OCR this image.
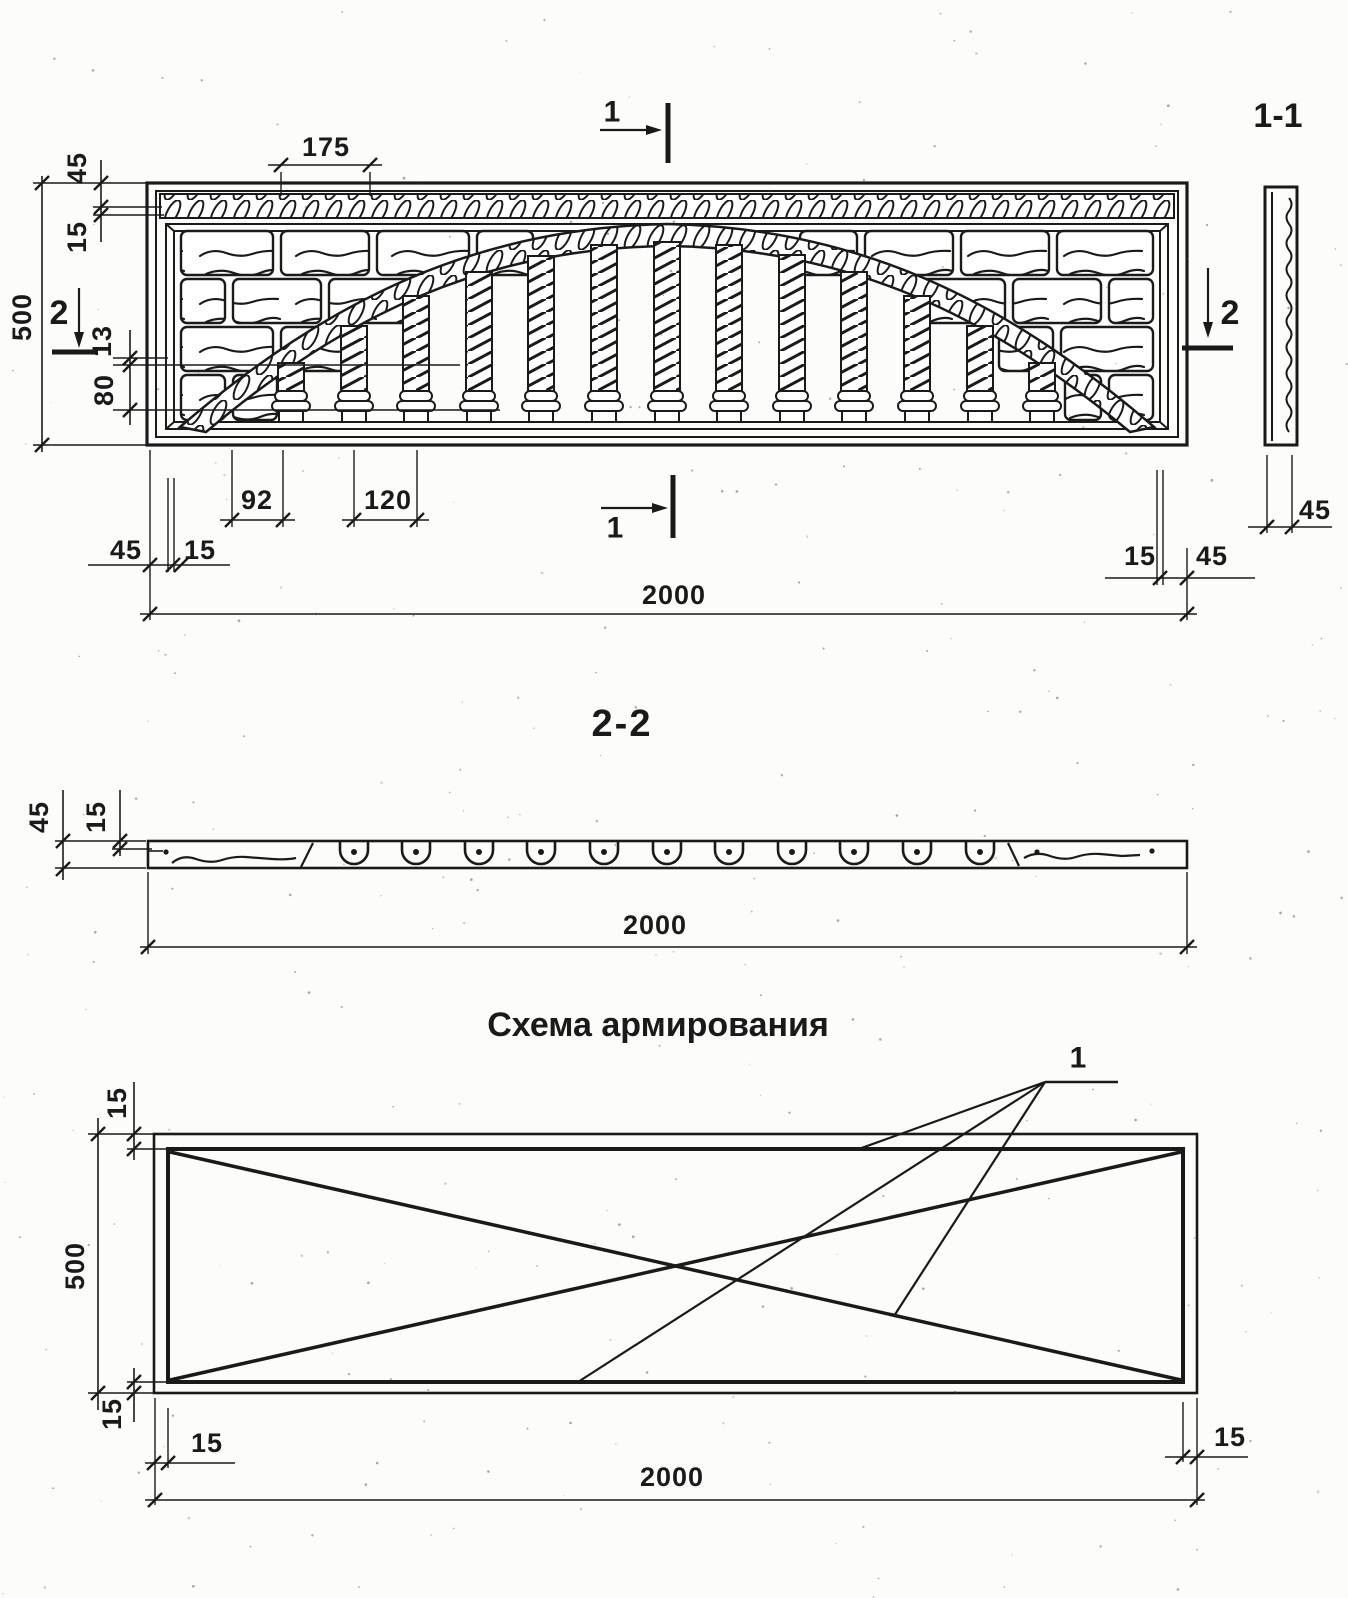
175
45
15
500 2
13
80
1	1-1
2
92	120
45 15
1
15 45
45
2000
2-2
45 15
2000
Схема армирования
1
15
500
15
15	15
2000
